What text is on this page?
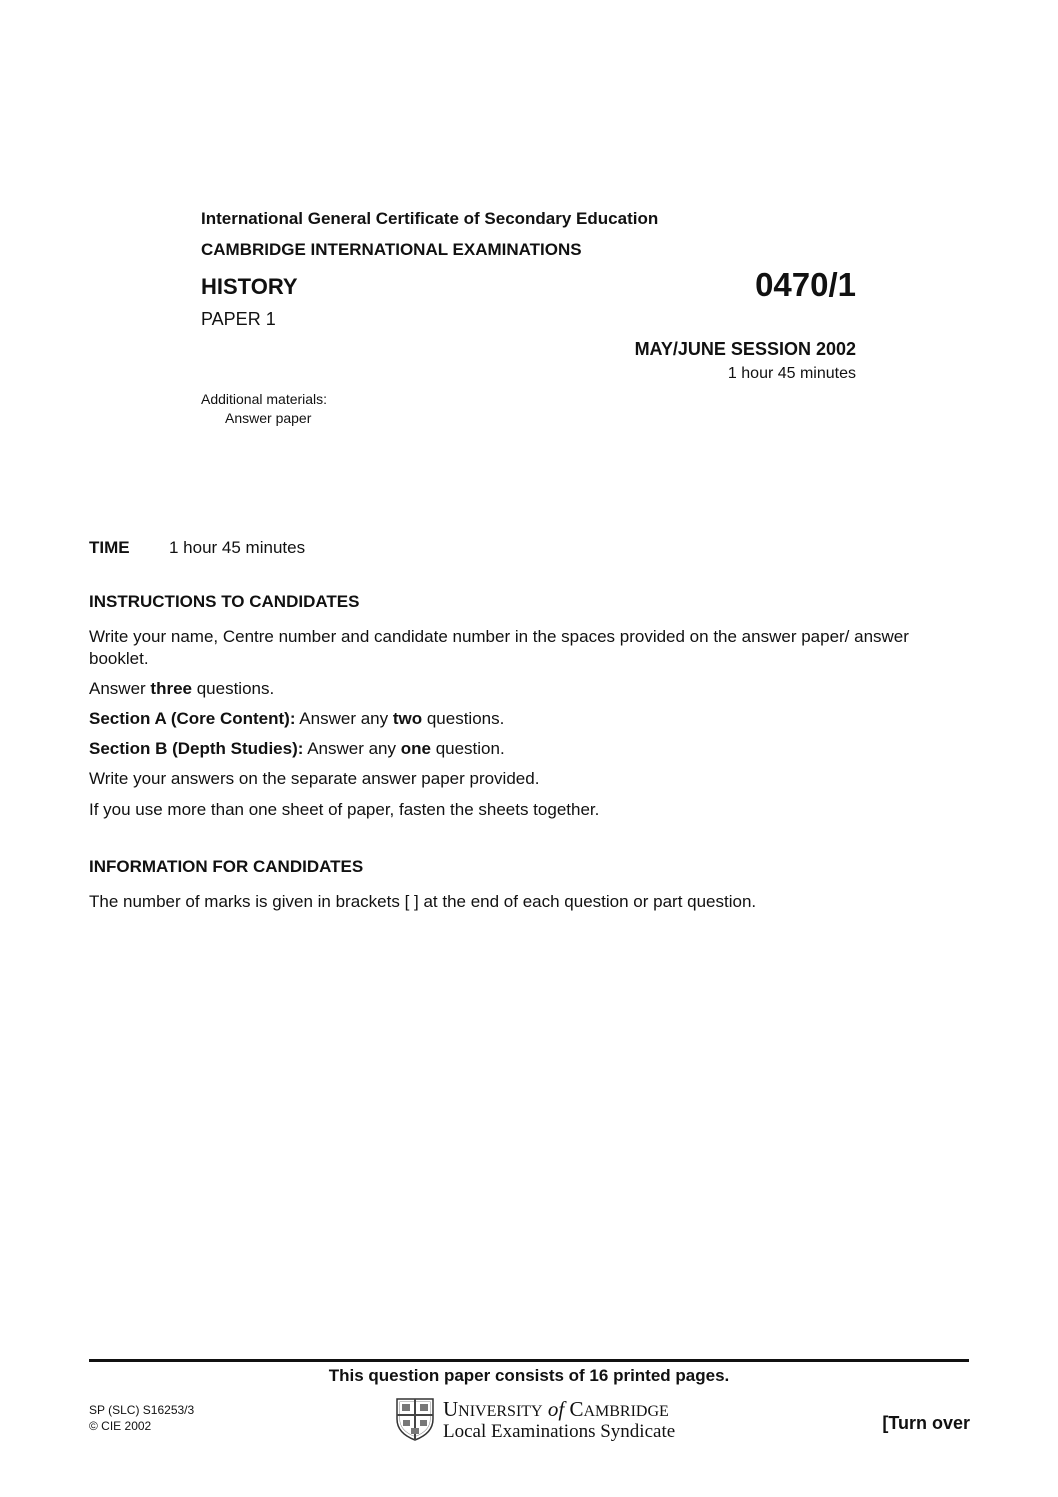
International General Certificate of Secondary Education
CAMBRIDGE INTERNATIONAL EXAMINATIONS
HISTORY	0470/1
PAPER 1
MAY/JUNE SESSION 2002
1 hour 45 minutes
Additional materials:
Answer paper
TIME 1 hour 45 minutes
INSTRUCTIONS TO CANDIDATES
Write your name, Centre number and candidate number in the spaces provided on the answer paper/ answer booklet.
Answer three questions.
Section A (Core Content): Answer any two questions.
Section B (Depth Studies): Answer any one question.
Write your answers on the separate answer paper provided.
If you use more than one sheet of paper, fasten the sheets together.
INFORMATION FOR CANDIDATES
The number of marks is given in brackets [ ] at the end of each question or part question.
This question paper consists of 16 printed pages.
SP (SLC) S16253/3
© CIE 2002
UNIVERSITY of CAMBRIDGE
Local Examinations Syndicate	[Turn over
